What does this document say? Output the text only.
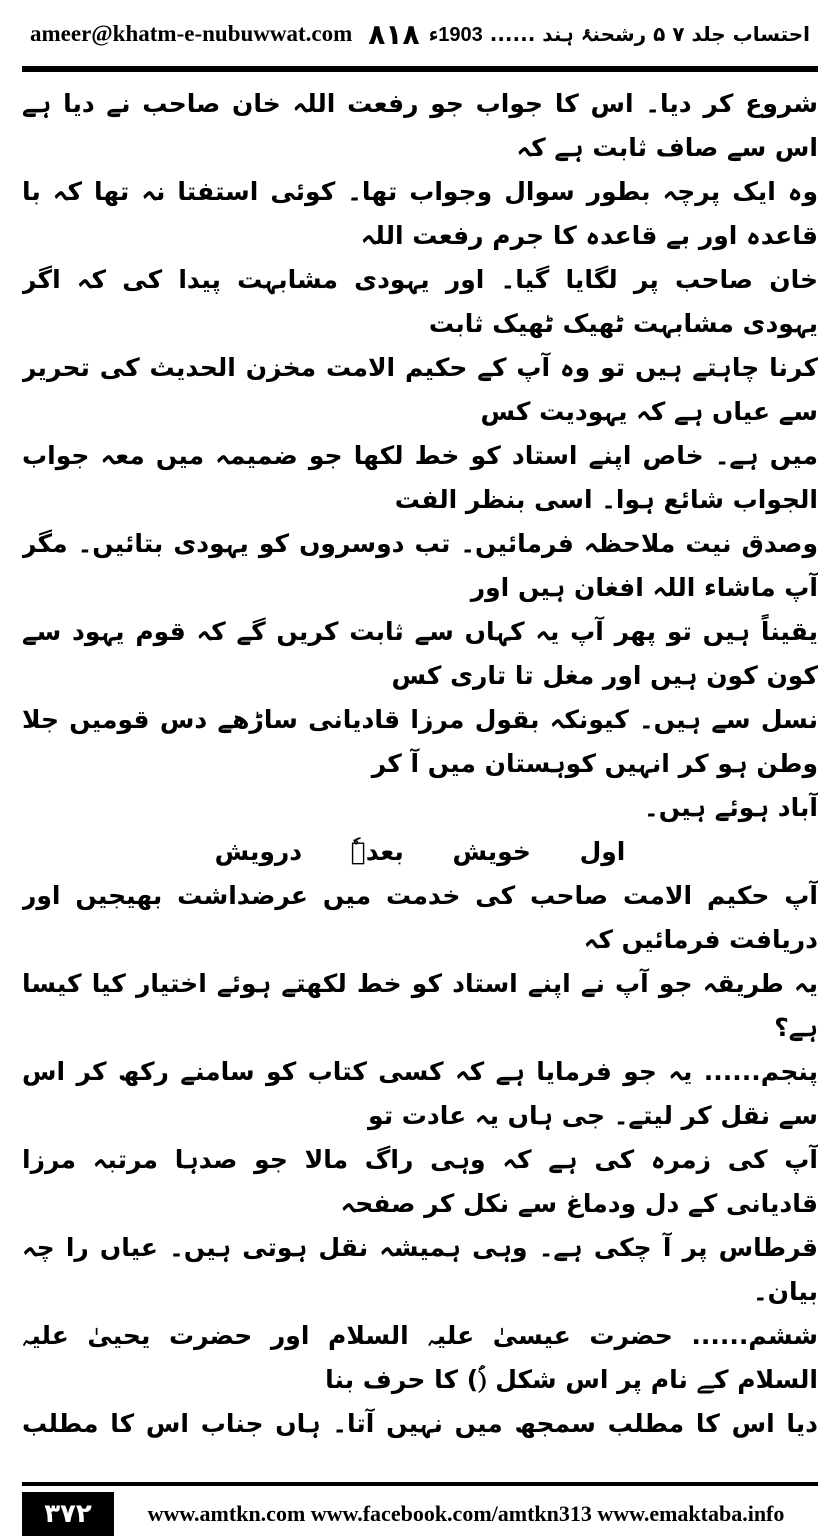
ameer@khatm-e-nubuwwat.com ۸۱۸	احتساب جلد ۷ ۵ رشحنۂ ہند ...... 1903ء

شروع کر دیا۔ اس کا جواب جو رفعت اللہ خان صاحب نے دیا ہے اس سے صاف ثابت ہے کہ
وہ ایک پرچہ بطور سوال وجواب تھا۔ کوئی استفتا نہ تھا کہ با قاعدہ اور بے قاعدہ کا جرم رفعت اللہ
خان صاحب پر لگایا گیا۔ اور یہودی مشابہت پیدا کی کہ اگر یہودی مشابہت ٹھیک ٹھیک ثابت
کرنا چاہتے ہیں تو وہ آپ کے حکیم الامت مخزن الحدیث کی تحریر سے عیاں ہے کہ یہودیت کس
میں ہے۔ خاص اپنے استاد کو خط لکھا جو ضمیمہ میں معہ جواب الجواب شائع ہوا۔ اسی بنظر الفت
وصدق نیت ملاحظہ فرمائیں۔ تب دوسروں کو یہودی بتائیں۔ مگر آپ ماشاء اللہ افغان ہیں اور
یقیناً ہیں تو پھر آپ یہ کہاں سے ثابت کریں گے کہ قوم یہود سے کون کون ہیں اور مغل تا تاری کس
نسل سے ہیں۔ کیونکہ بقول مرزا قادیانی ساڑھے دس قومیں جلا وطن ہو کر انہیں کوہستان میں آ کر
آباد ہوئے ہیں۔

اول خویش بعدہٗ درویش

آپ حکیم الامت صاحب کی خدمت میں عرضداشت بھیجیں اور دریافت فرمائیں کہ
یہ طریقہ جو آپ نے اپنے استاد کو خط لکھتے ہوئے اختیار کیا کیسا ہے؟
پنجم...... یہ جو فرمایا ہے کہ کسی کتاب کو سامنے رکھ کر اس سے نقل کر لیتے۔ جی ہاں یہ عادت تو
آپ کی زمرہ کی ہے کہ وہی راگ مالا جو صدہا مرتبہ مرزا قادیانی کے دل ودماغ سے نکل کر صفحہ
قرطاس پر آ چکی ہے۔ وہی ہمیشہ نقل ہوتی ہیں۔ عیاں را چہ بیان۔
ششم...... حضرت عیسیٰ علیہ السلام اور حضرت یحییٰ علیہ السلام کے نام پر اس شکل (ؑ) کا حرف بنا
دیا اس کا مطلب سمجھ میں نہیں آتا۔ ہاں جناب اس کا مطلب

۳۷۲	www.amtkn.com www.facebook.com/amtkn313 www.emaktaba.info
